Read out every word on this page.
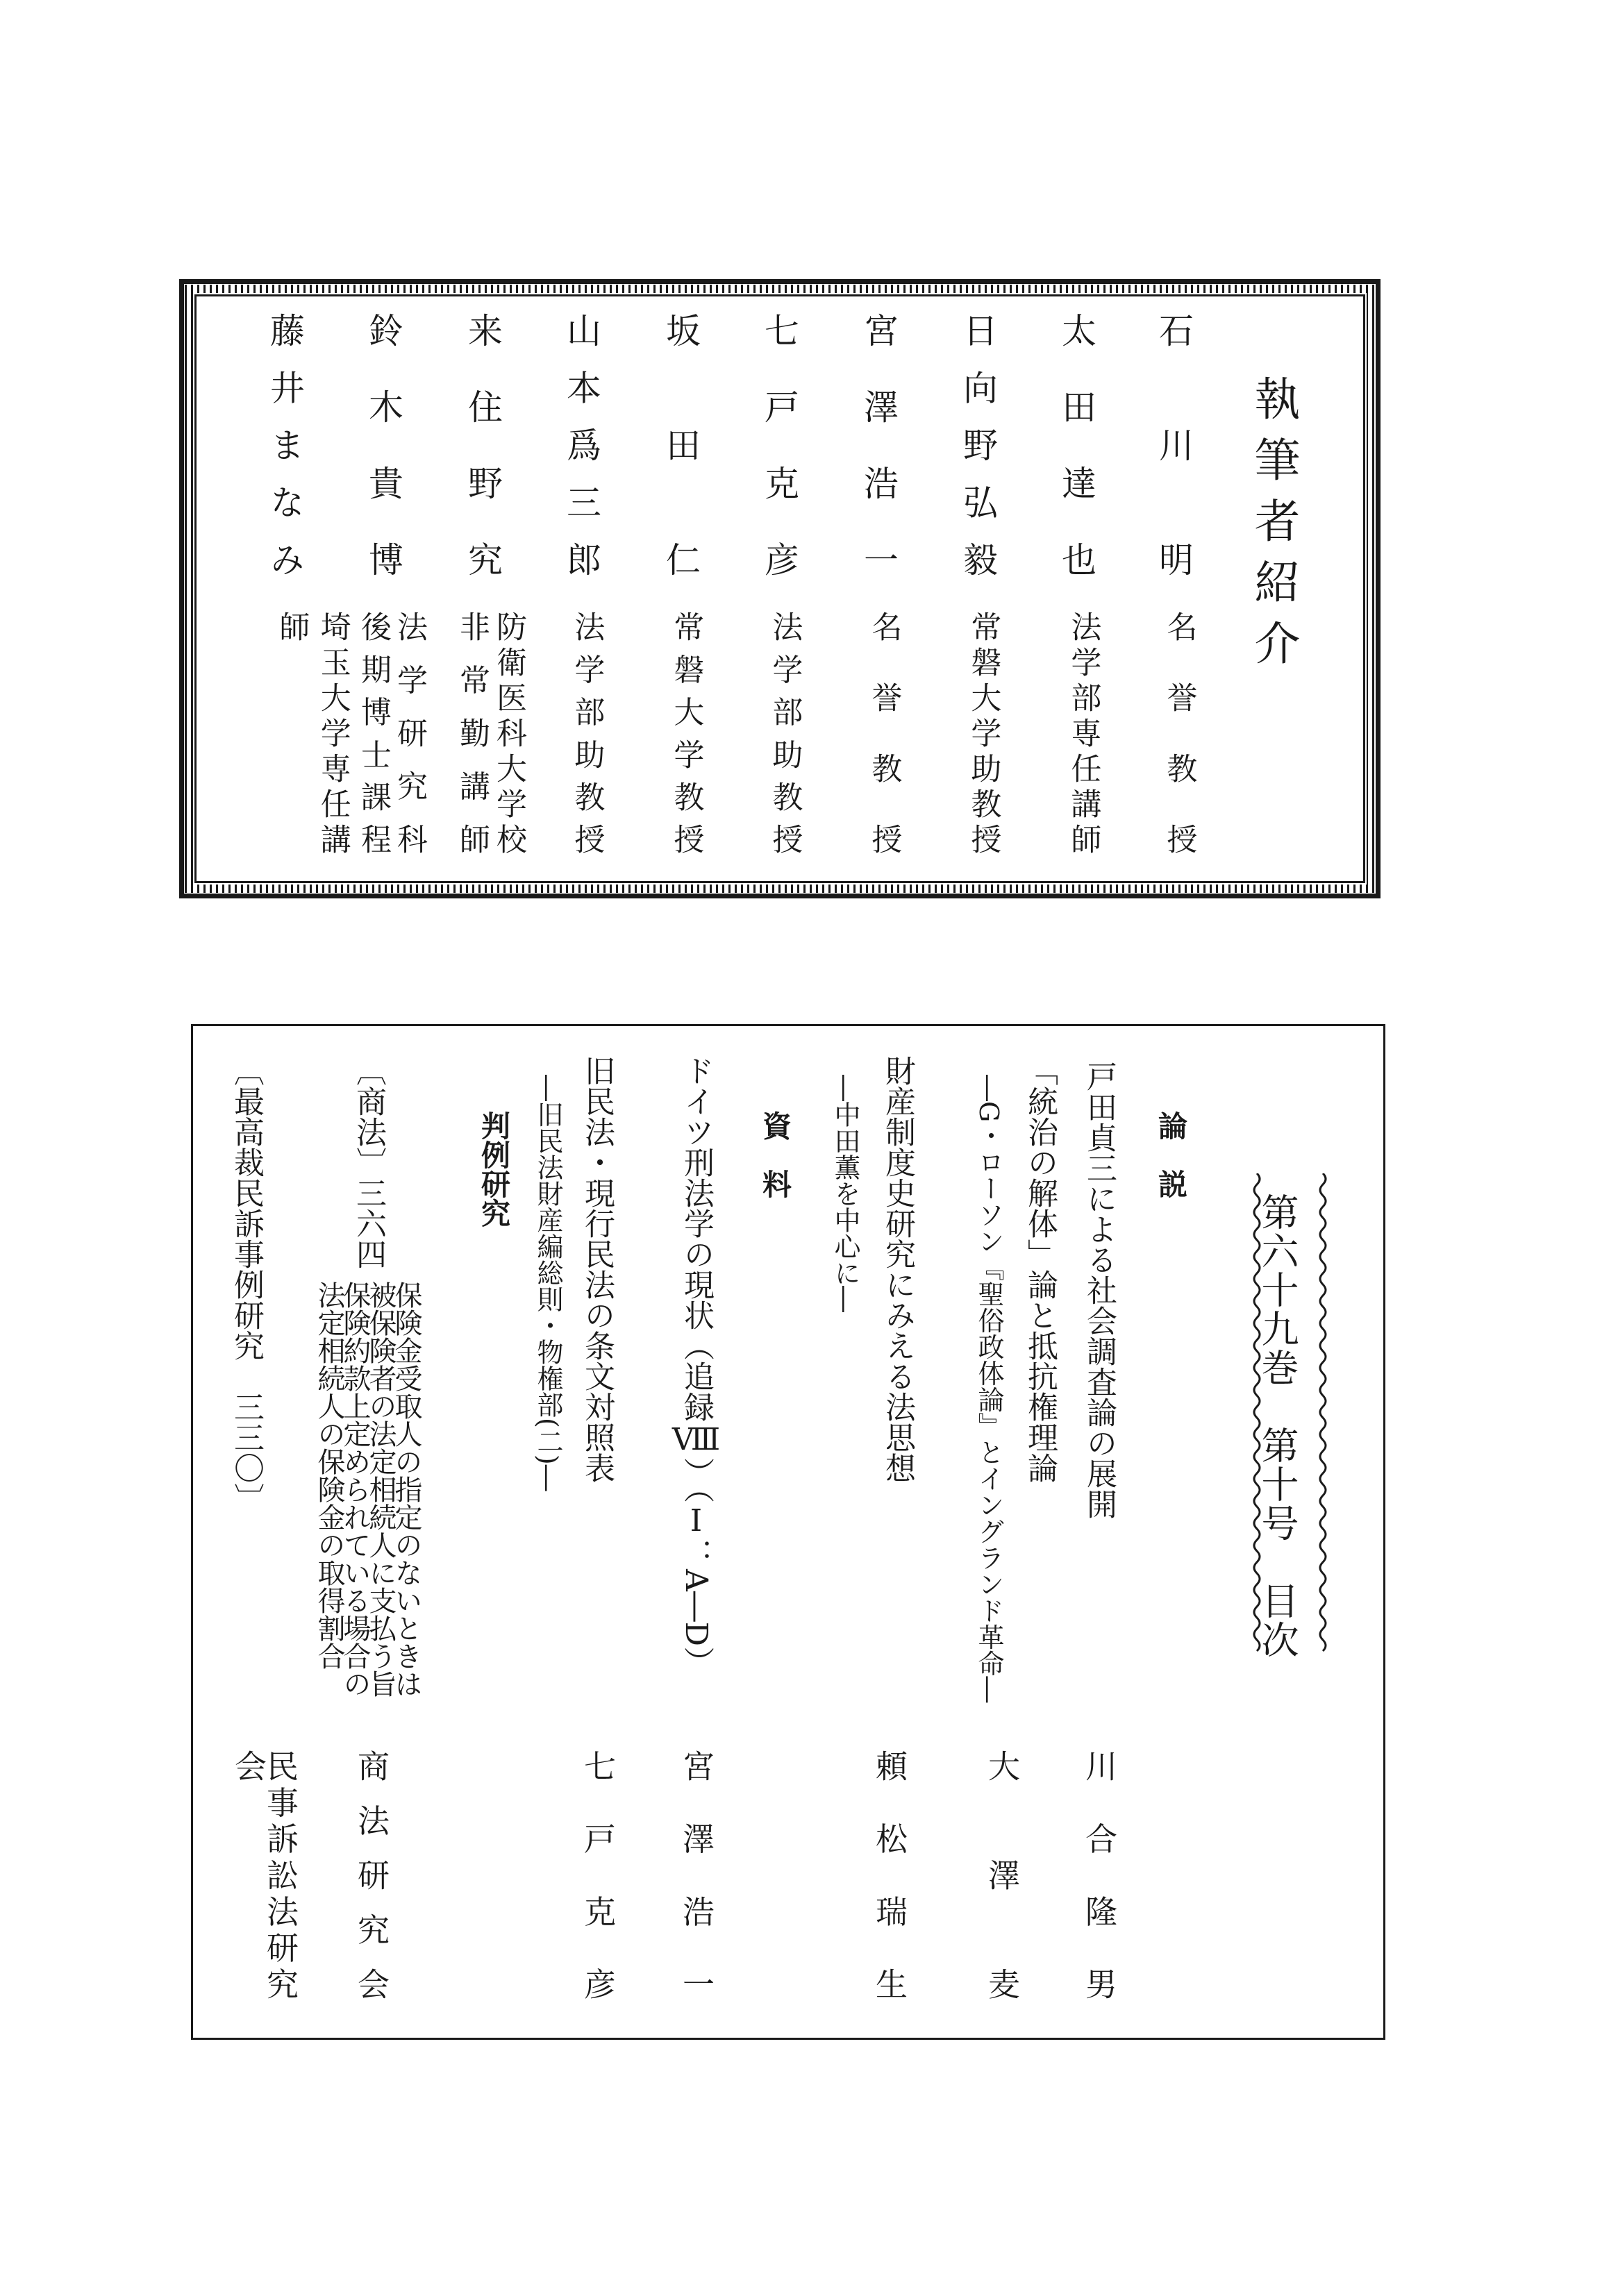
執筆者紹介
石川明
太田達也
日向野弘毅
宮澤浩一
七戸克彦
坂田仁
山本爲三郎
来住野究
鈴木貴博
藤井まなみ
名誉教授
法学部専任講師
常磐大学助教授
名誉教授
法学部助教授
常磐大学教授
法学部助教授
防衛医科大学校
非常勤講師
法学研究科
後期博士課程
埼玉大学専任講師
第六十九巻　第十号　目次
論　説
戸田貞三による社会調査論の展開
川合隆男
「統治の解体」論と抵抗権理論
―G・ローソン『聖俗政体論』とイングランド革命―
大澤麦
財産制度史研究にみえる法思想
―中田薫を中心に―
頼松瑞生
資　料
ドイツ刑法学の現状（追録Ⅷ）（Ⅰ：A―D）
宮澤浩一
旧民法・現行民法の条文対照表
―旧民法財産編総則・物権部(二)―
七戸克彦
判例研究
〔商法〕三六四
保険金受取人の指定のないときは
被保険者の法定相続人に支払う旨
保険約款上定められている場合の
法定相続人の保険金の取得割合
商法研究会
〔最高裁民訴事例研究　三三〇〕
民事訴訟法研究会
